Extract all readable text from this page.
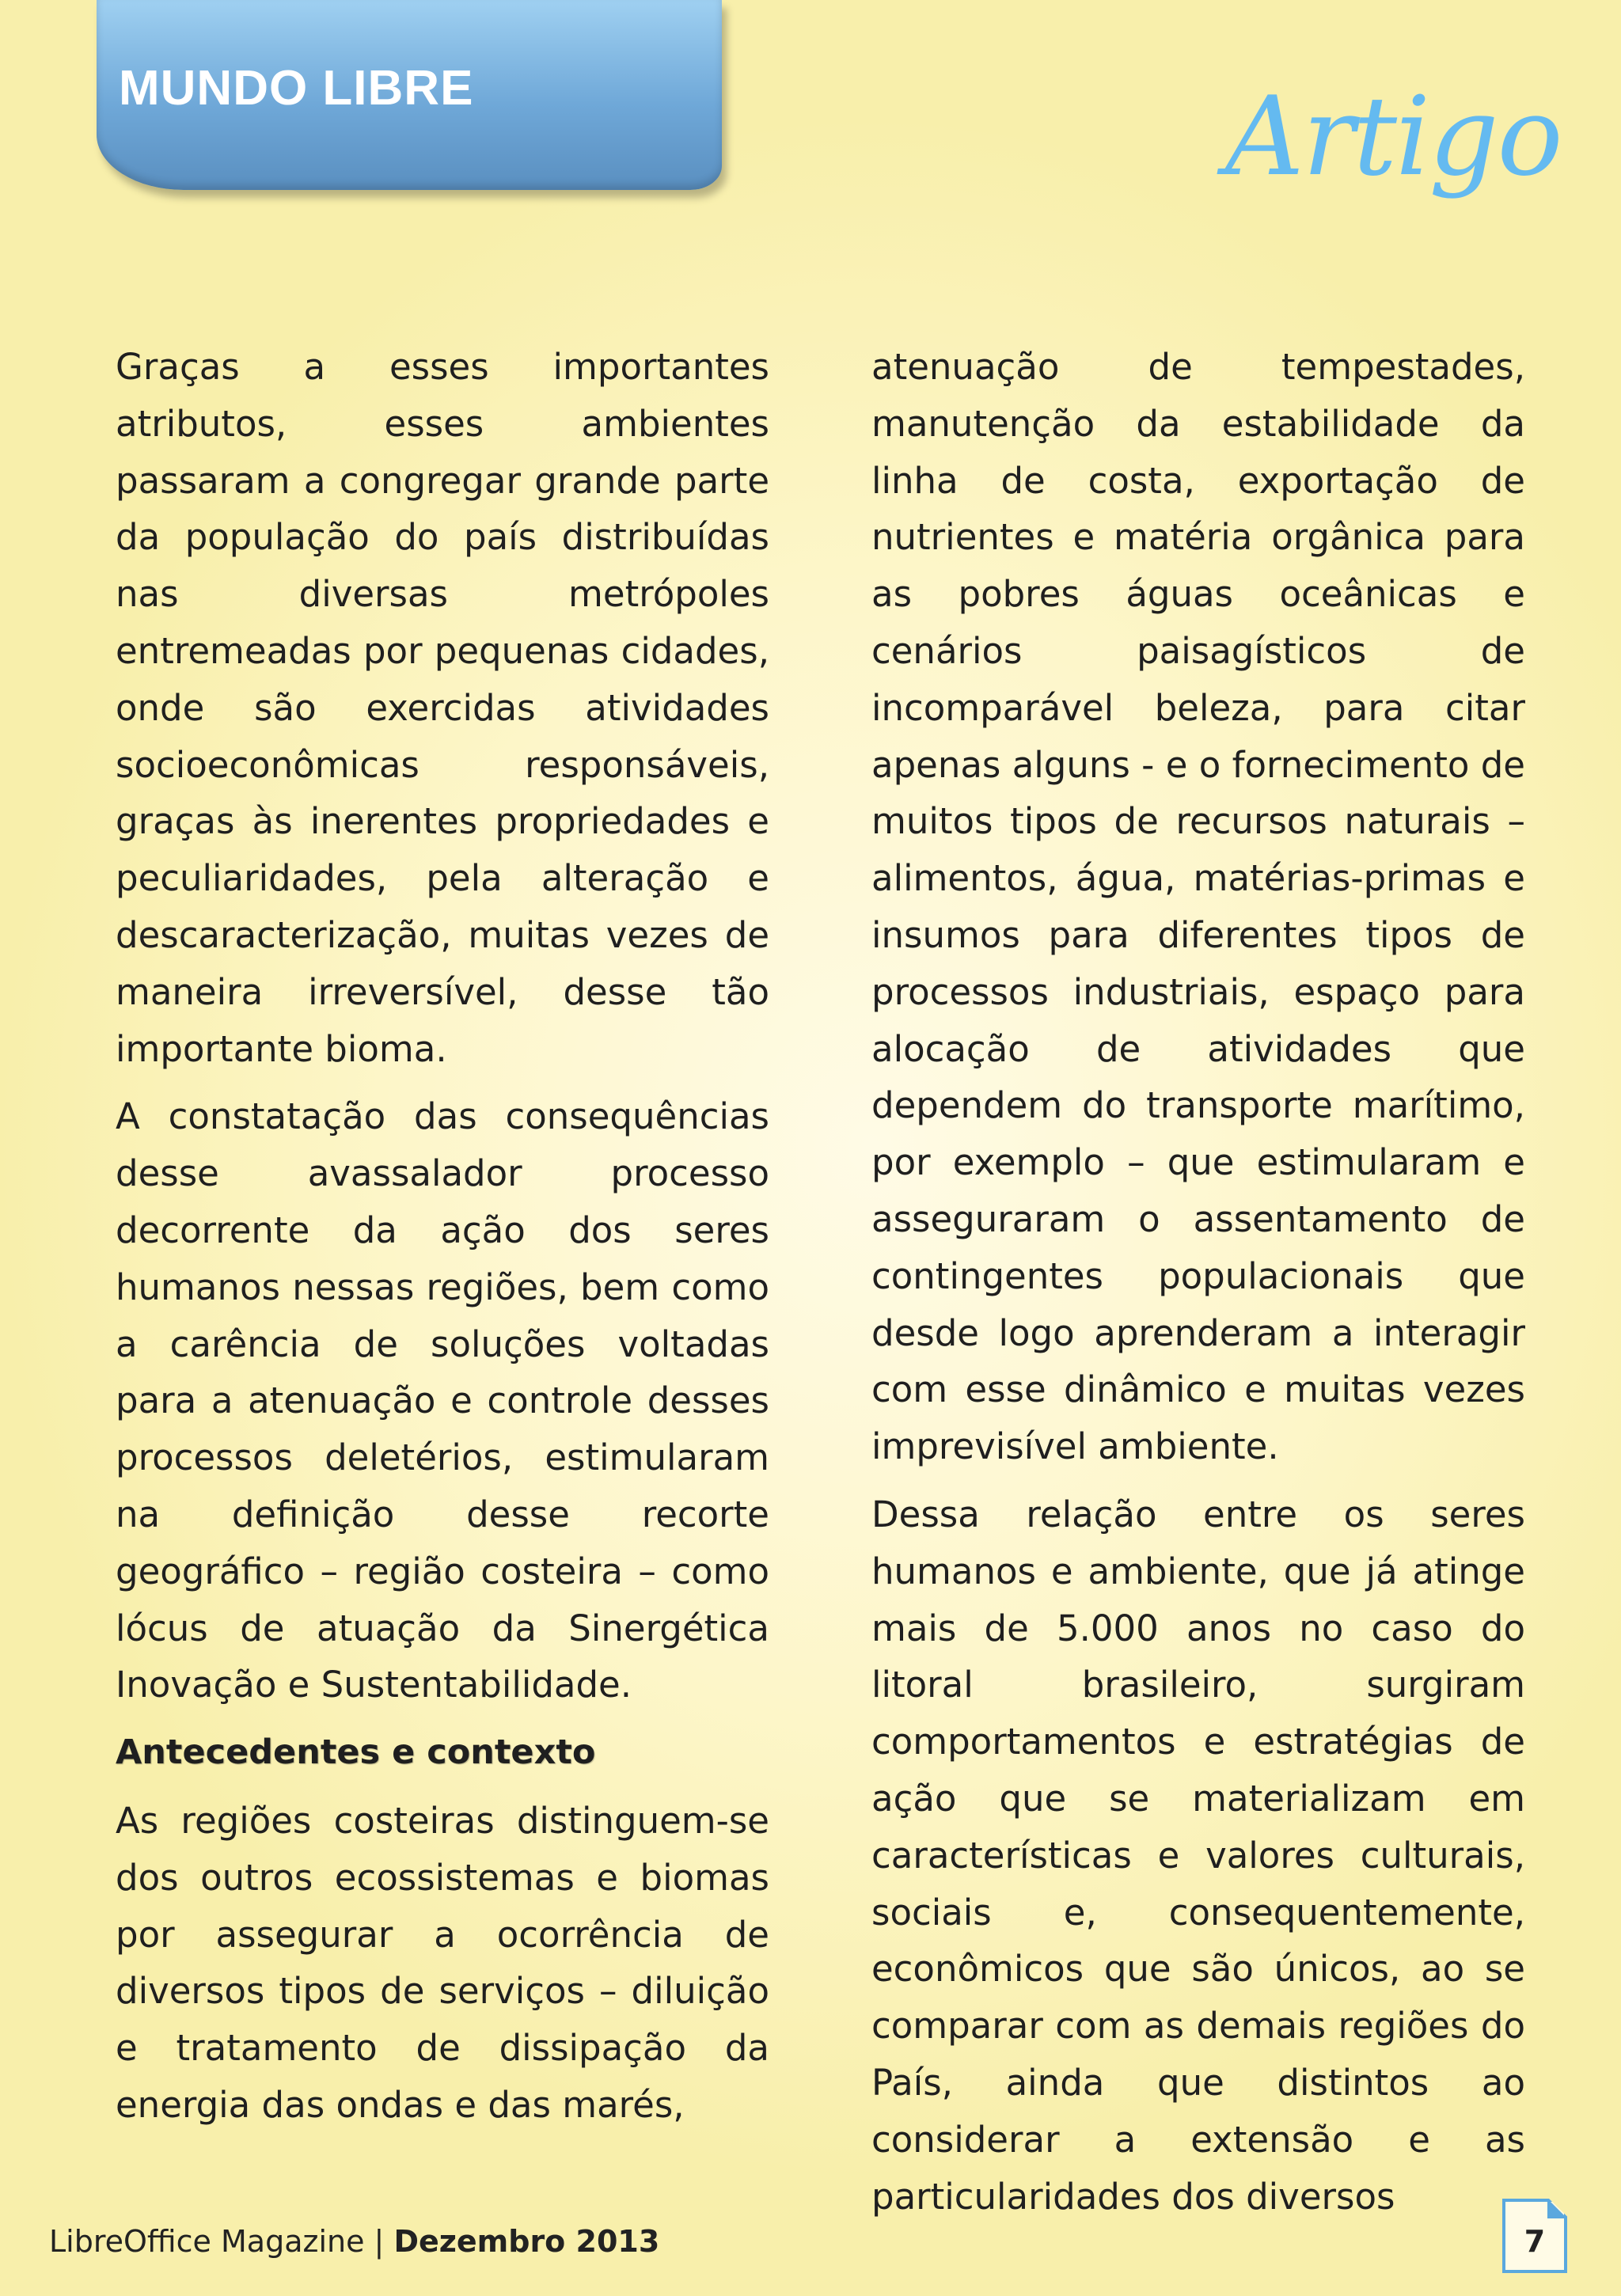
MUNDO LIBRE	Artigo

Graças a esses importantes atributos, esses ambientes passaram a congregar grande parte da população do país distribuídas nas diversas metrópoles entremeadas por pequenas cidades, onde são exercidas atividades socioeconômicas responsáveis, graças às inerentes propriedades e peculiaridades, pela alteração e descaracterização, muitas vezes de maneira irreversível, desse tão importante bioma.

A constatação das consequências desse avassalador processo decorrente da ação dos seres humanos nessas regiões, bem como a carência de soluções voltadas para a atenuação e controle desses processos deletérios, estimularam na definição desse recorte geográfico – região costeira – como lócus de atuação da Sinergética Inovação e Sustentabilidade.

Antecedentes e contexto

As regiões costeiras distinguem-se dos outros ecossistemas e biomas por assegurar a ocorrência de diversos tipos de serviços – diluição e tratamento de dissipação da energia das ondas e das marés,

atenuação de tempestades, manutenção da estabilidade da linha de costa, exportação de nutrientes e matéria orgânica para as pobres águas oceânicas e cenários paisagísticos de incomparável beleza, para citar apenas alguns - e o fornecimento de muitos tipos de recursos naturais – alimentos, água, matérias-primas e insumos para diferentes tipos de processos industriais, espaço para alocação de atividades que dependem do transporte marítimo, por exemplo – que estimularam e asseguraram o assentamento de contingentes populacionais que desde logo aprenderam a interagir com esse dinâmico e muitas vezes imprevisível ambiente.

Dessa relação entre os seres humanos e ambiente, que já atinge mais de 5.000 anos no caso do litoral brasileiro, surgiram comportamentos e estratégias de ação que se materializam em características e valores culturais, sociais e, consequentemente, econômicos que são únicos, ao se comparar com as demais regiões do País, ainda que distintos ao considerar a extensão e as particularidades dos diversos

LibreOffice Magazine | Dezembro 2013	7
